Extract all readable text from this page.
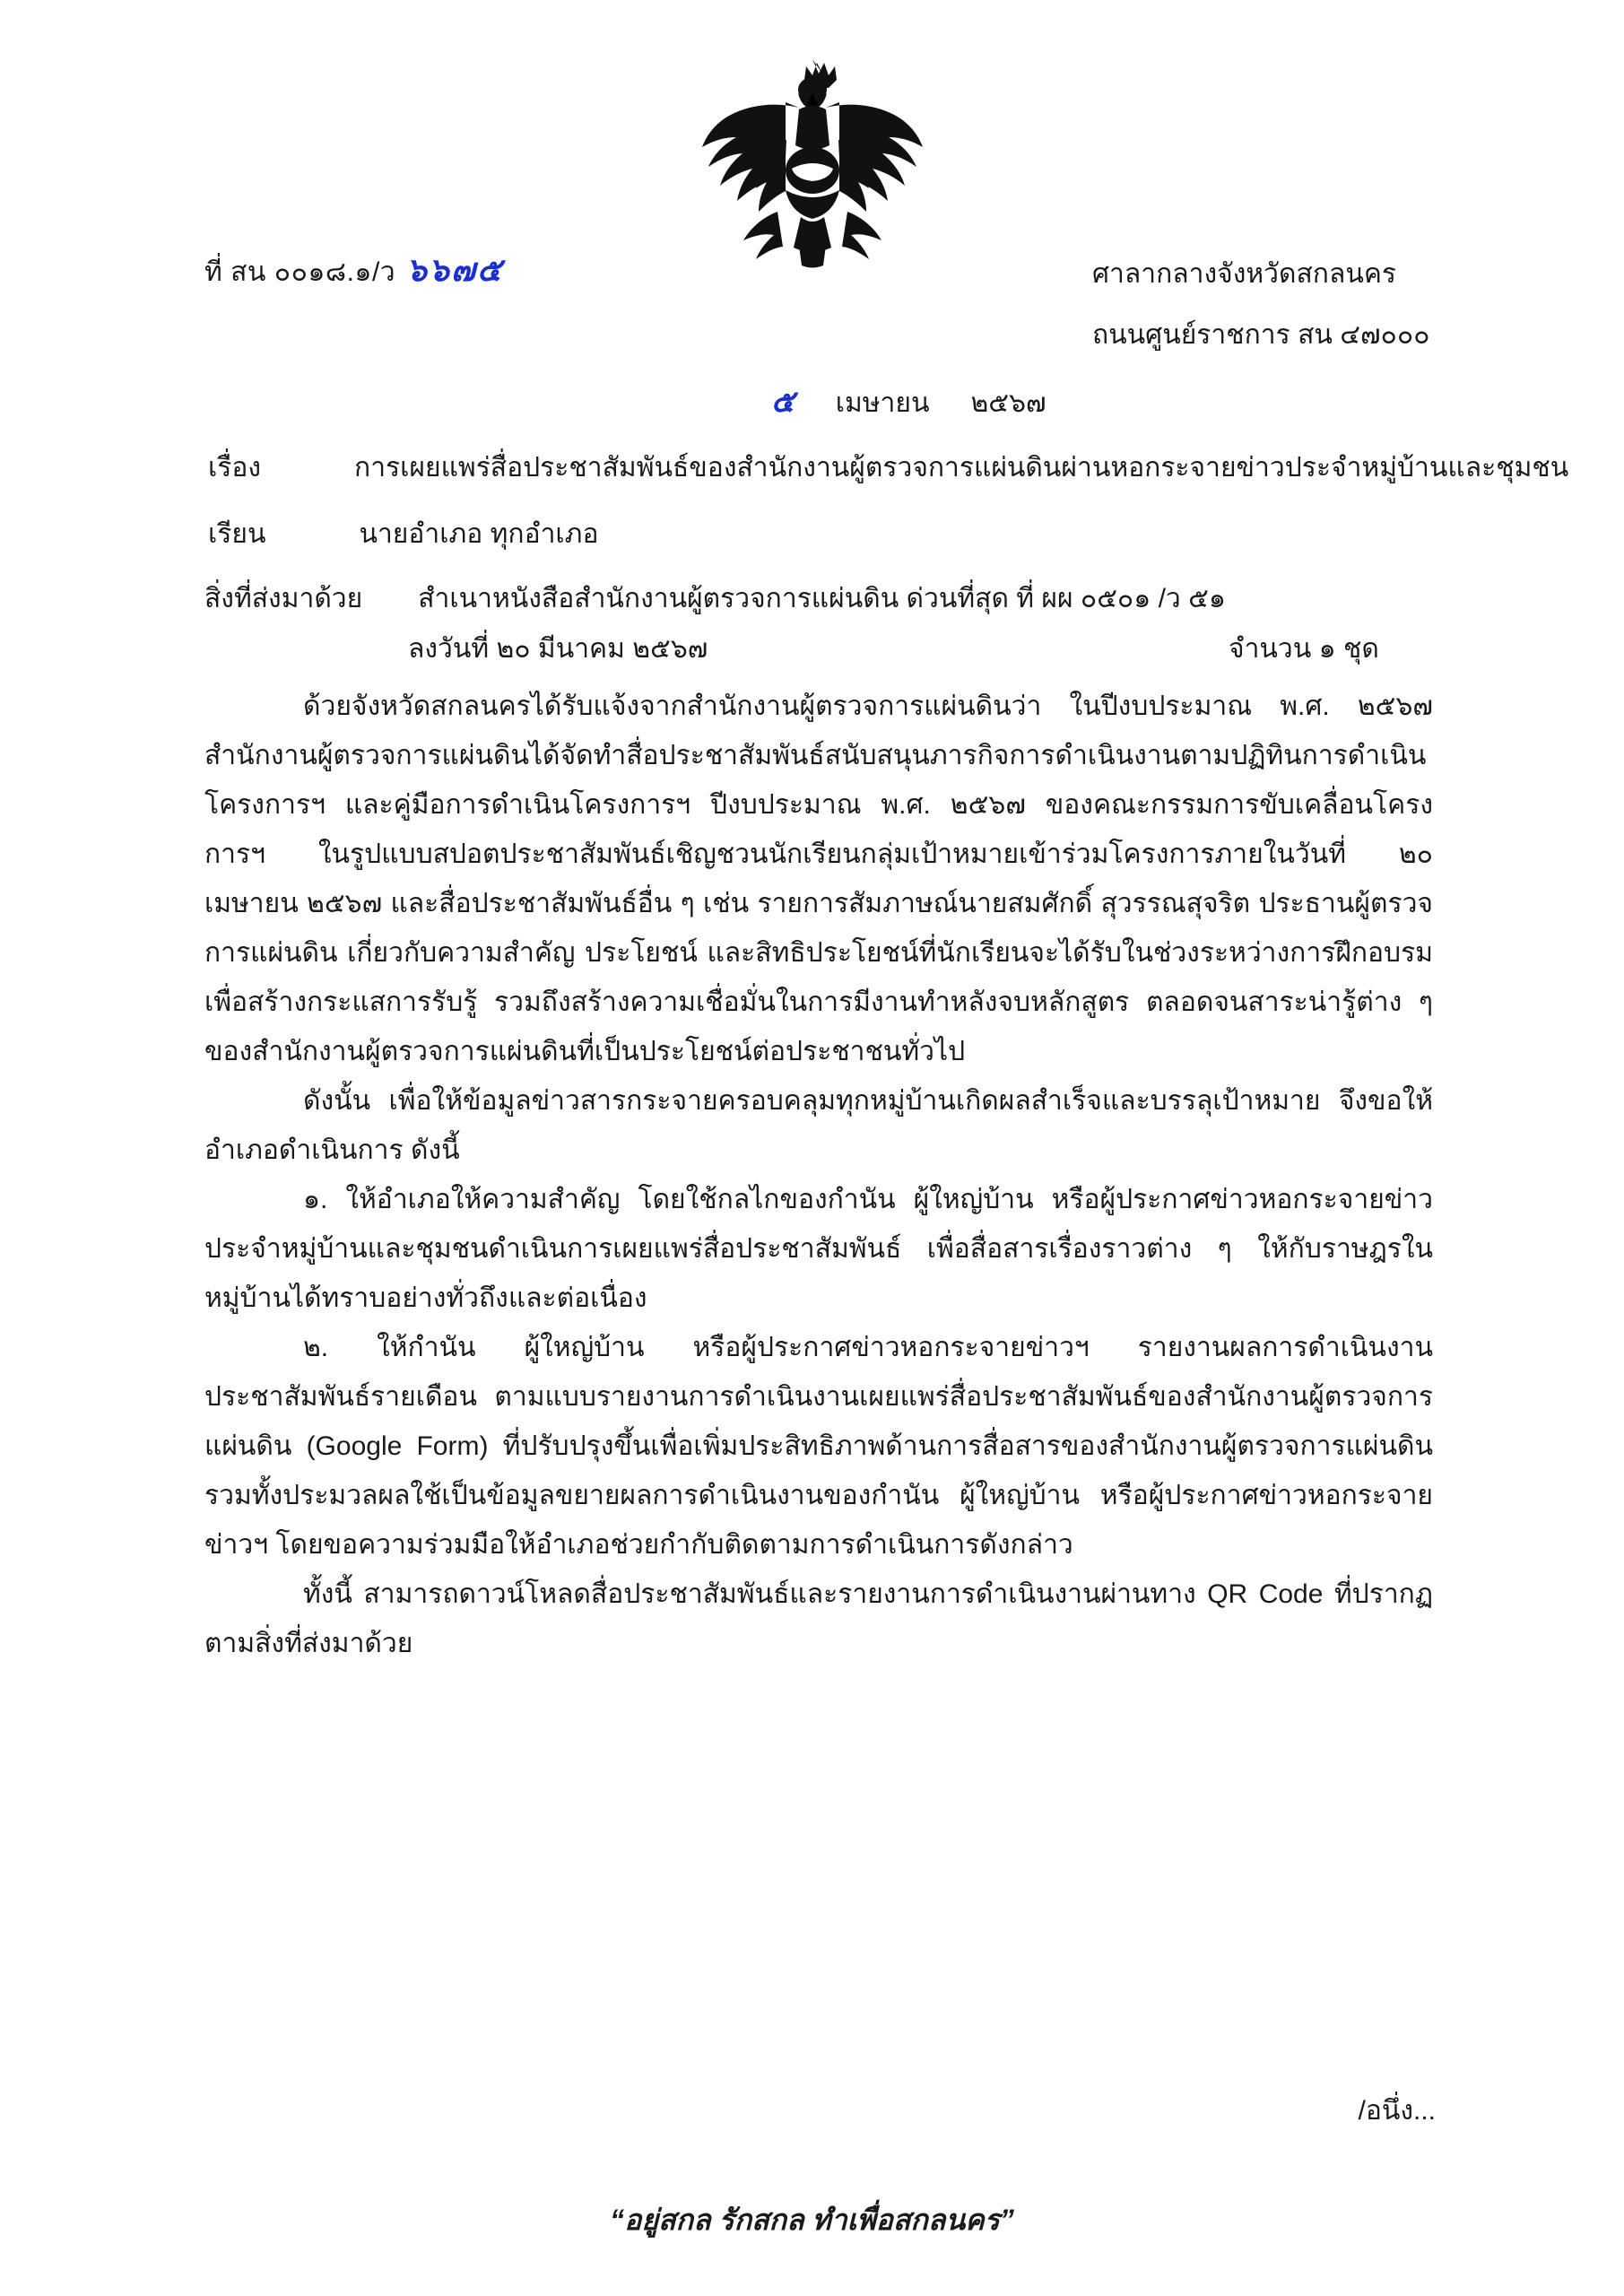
ที่ สน ๐๐๑๘.๑/ว ๖๖๗๕	ศาลากลางจังหวัดสกลนคร
ถนนศูนย์ราชการ สน ๔๗๐๐๐
๕ เมษายน ๒๕๖๗
เรื่อง	การเผยแพร่สื่อประชาสัมพันธ์ของสำนักงานผู้ตรวจการแผ่นดินผ่านหอกระจายข่าวประจำหมู่บ้านและชุมชน
เรียน	นายอำเภอ ทุกอำเภอ
สิ่งที่ส่งมาด้วย สำเนาหนังสือสำนักงานผู้ตรวจการแผ่นดิน ด่วนที่สุด ที่ ผผ ๐๕๐๑ /ว ๕๑
ลงวันที่ ๒๐ มีนาคม ๒๕๖๗	จำนวน ๑ ชุด

ด้วยจังหวัดสกลนครได้รับแจ้งจากสำนักงานผู้ตรวจการแผ่นดินว่า ในปีงบประมาณ พ.ศ. ๒๕๖๗ สำนักงานผู้ตรวจการแผ่นดินได้จัดทำสื่อประชาสัมพันธ์สนับสนุนภารกิจการดำเนินงานตามปฏิทินการดำเนินโครงการฯ และคู่มือการดำเนินโครงการฯ ปีงบประมาณ พ.ศ. ๒๕๖๗ ของคณะกรรมการขับเคลื่อนโครงการฯ ในรูปแบบสปอตประชาสัมพันธ์เชิญชวนนักเรียนกลุ่มเป้าหมายเข้าร่วมโครงการภายในวันที่ ๒๐ เมษายน ๒๕๖๗ และสื่อประชาสัมพันธ์อื่น ๆ เช่น รายการสัมภาษณ์นายสมศักดิ์ สุวรรณสุจริต ประธานผู้ตรวจการแผ่นดิน เกี่ยวกับความสำคัญ ประโยชน์ และสิทธิประโยชน์ที่นักเรียนจะได้รับในช่วงระหว่างการฝึกอบรมเพื่อสร้างกระแสการรับรู้ รวมถึงสร้างความเชื่อมั่นในการมีงานทำหลังจบหลักสูตร ตลอดจนสาระน่ารู้ต่าง ๆ ของสำนักงานผู้ตรวจการแผ่นดินที่เป็นประโยชน์ต่อประชาชนทั่วไป

ดังนั้น เพื่อให้ข้อมูลข่าวสารกระจายครอบคลุมทุกหมู่บ้านเกิดผลสำเร็จและบรรลุเป้าหมาย จึงขอให้อำเภอดำเนินการ ดังนี้

๑. ให้อำเภอให้ความสำคัญ โดยใช้กลไกของกำนัน ผู้ใหญ่บ้าน หรือผู้ประกาศข่าวหอกระจายข่าวประจำหมู่บ้านและชุมชนดำเนินการเผยแพร่สื่อประชาสัมพันธ์ เพื่อสื่อสารเรื่องราวต่าง ๆ ให้กับราษฎรในหมู่บ้านได้ทราบอย่างทั่วถึงและต่อเนื่อง

๒. ให้กำนัน ผู้ใหญ่บ้าน หรือผู้ประกาศข่าวหอกระจายข่าวฯ รายงานผลการดำเนินงานประชาสัมพันธ์รายเดือน ตามแบบรายงานการดำเนินงานเผยแพร่สื่อประชาสัมพันธ์ของสำนักงานผู้ตรวจการแผ่นดิน (Google Form) ที่ปรับปรุงขึ้นเพื่อเพิ่มประสิทธิภาพด้านการสื่อสารของสำนักงานผู้ตรวจการแผ่นดิน รวมทั้งประมวลผลใช้เป็นข้อมูลขยายผลการดำเนินงานของกำนัน ผู้ใหญ่บ้าน หรือผู้ประกาศข่าวหอกระจายข่าวฯ โดยขอความร่วมมือให้อำเภอช่วยกำกับติดตามการดำเนินการดังกล่าว

ทั้งนี้ สามารถดาวน์โหลดสื่อประชาสัมพันธ์และรายงานการดำเนินงานผ่านทาง QR Code ที่ปรากฏตามสิ่งที่ส่งมาด้วย

/อนึ่ง...
“อยู่สกล รักสกล ทำเพื่อสกลนคร”
